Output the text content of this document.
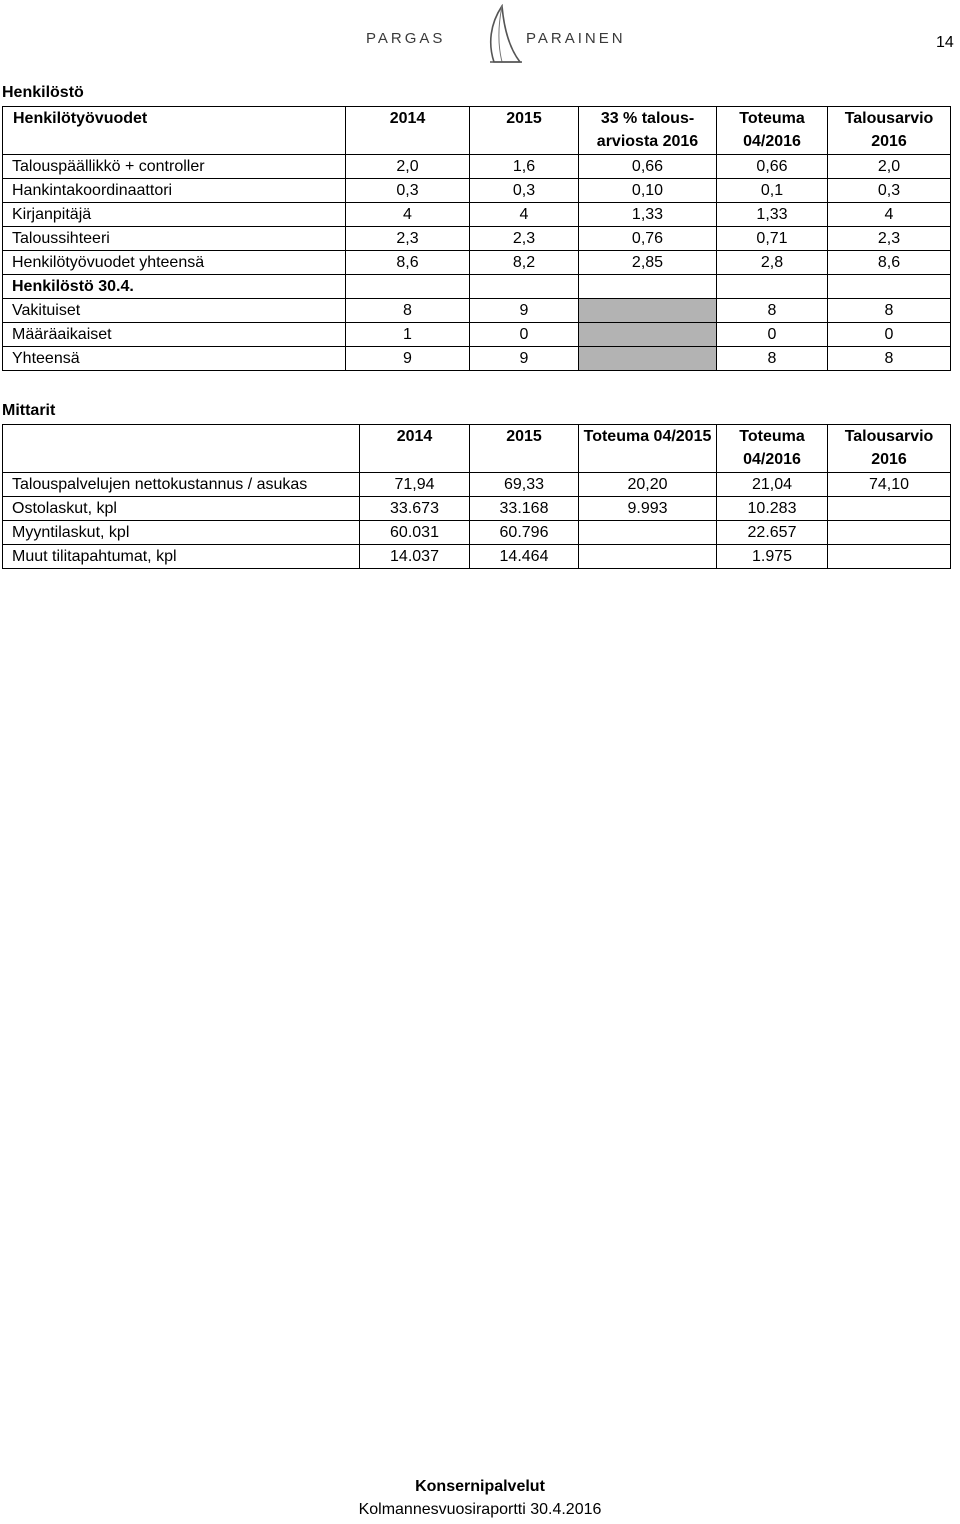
PARGAS	PARAINEN	14
Henkilöstö
Henkilötyövuodet	2014	2015	33 % talous-arviosta 2016	Toteuma 04/2016	Talousarvio 2016
Talouspäällikkö + controller	2,0	1,6	0,66	0,66	2,0
Hankintakoordinaattori	0,3	0,3	0,10	0,1	0,3
Kirjanpitäjä	4	4	1,33	1,33	4
Taloussihteeri	2,3	2,3	0,76	0,71	2,3
Henkilötyövuodet yhteensä	8,6	8,2	2,85	2,8	8,6
Henkilöstö 30.4.					
Vakituiset	8	9		8	8
Määräaikaiset	1	0		0	0
Yhteensä	9	9		8	8
Mittarit
	2014	2015	Toteuma 04/2015	Toteuma 04/2016	Talousarvio 2016
Talouspalvelujen nettokustannus / asukas	71,94	69,33	20,20	21,04	74,10
Ostolaskut, kpl	33.673	33.168	9.993	10.283	
Myyntilaskut, kpl	60.031	60.796		22.657	
Muut tilitapahtumat, kpl	14.037	14.464		1.975	
Konsernipalvelut
Kolmannesvuosiraportti 30.4.2016
